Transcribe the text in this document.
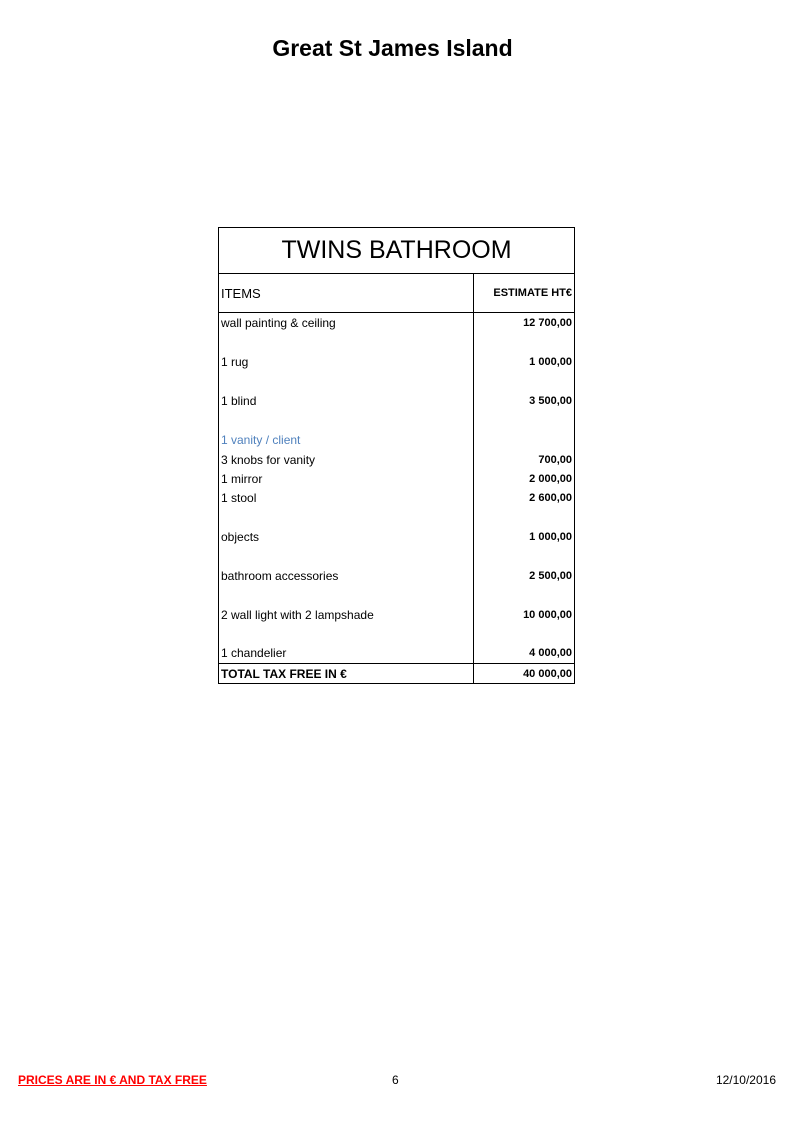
Great St James Island
TWINS BATHROOM	
ITEMS	ESTIMATE HT€
wall painting & ceiling	12 700,00

1 rug	1 000,00

1 blind	3 500,00

1 vanity / client	
3 knobs for vanity	700,00
1 mirror	2 000,00
1 stool	2 600,00

objects	1 000,00

bathroom accessories	2 500,00

2 wall light with 2 lampshade	10 000,00

1 chandelier	4 000,00
TOTAL TAX FREE IN €	40 000,00
PRICES ARE IN € AND TAX FREE	6	12/10/2016
